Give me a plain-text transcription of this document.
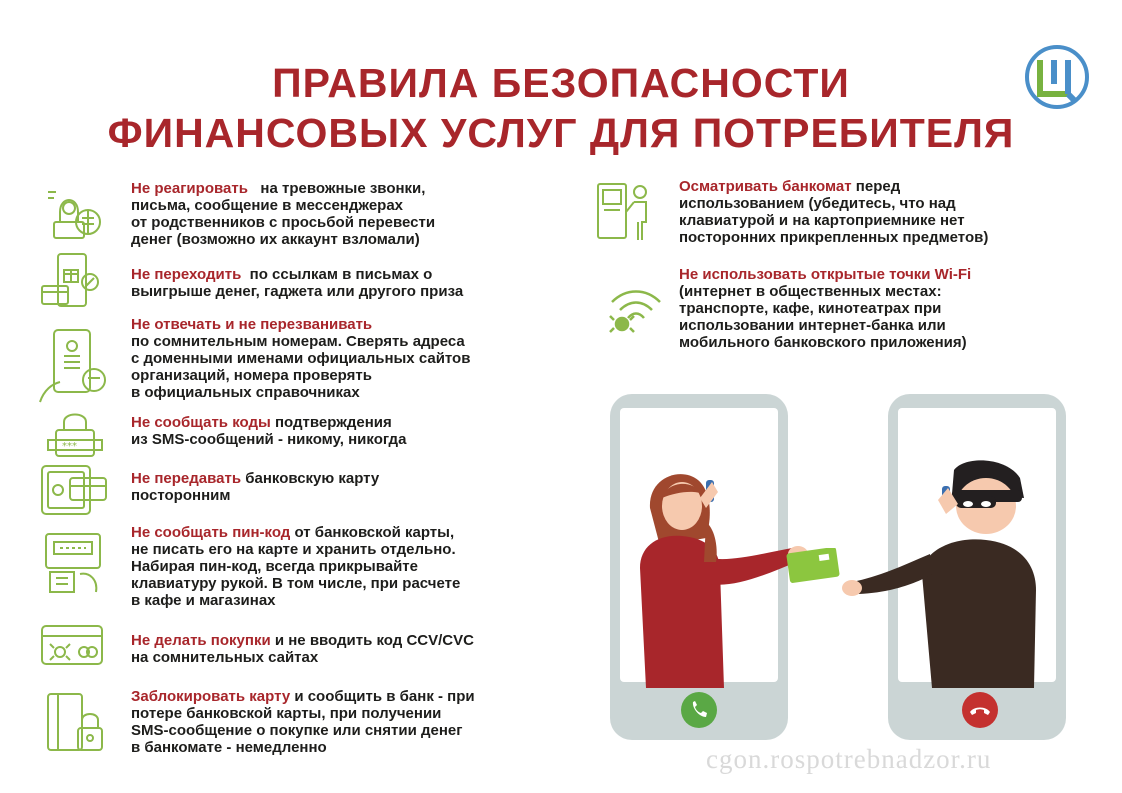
ПРАВИЛА БЕЗОПАСНОСТИ
ФИНАНСОВЫХ УСЛУГ ДЛЯ ПОТРЕБИТЕЛЯ
Не реагировать   на тревожные звонки,
письма, сообщение в мессенджерах
от родственников с просьбой перевести
денег (возможно их аккаунт взломали)
Не переходить  по ссылкам в письмах о
выигрыше денег, гаджета или другого приза
Не отвечать и не перезванивать
по сомнительным номерам. Сверять адреса
с доменными именами официальных сайтов
организаций, номера проверять
в официальных справочниках
***
Не сообщать коды подтверждения
из SMS-сообщений - никому, никогда
Не передавать банковскую карту
посторонним
Не сообщать пин-код от банковской карты,
не писать его на карте и хранить отдельно.
Набирая пин-код, всегда прикрывайте
клавиатуру рукой. В том числе, при расчете
в кафе и магазинах
Не делать покупки и не вводить код CCV/CVC
на сомнительных сайтах
Заблокировать карту и сообщить в банк - при
потере банковской карты, при получении
SMS-сообщение о покупке или снятии денег
в банкомате - немедленно
Осматривать банкомат перед
использованием (убедитесь, что над
клавиатурой и на картоприемнике нет
посторонних прикрепленных предметов)
Не использовать открытые точки Wi-Fi
(интернет в общественных местах:
транспорте, кафе, кинотеатрах при
использовании интернет-банка или
мобильного банковского приложения)
cgon.rospotrebnadzor.ru
